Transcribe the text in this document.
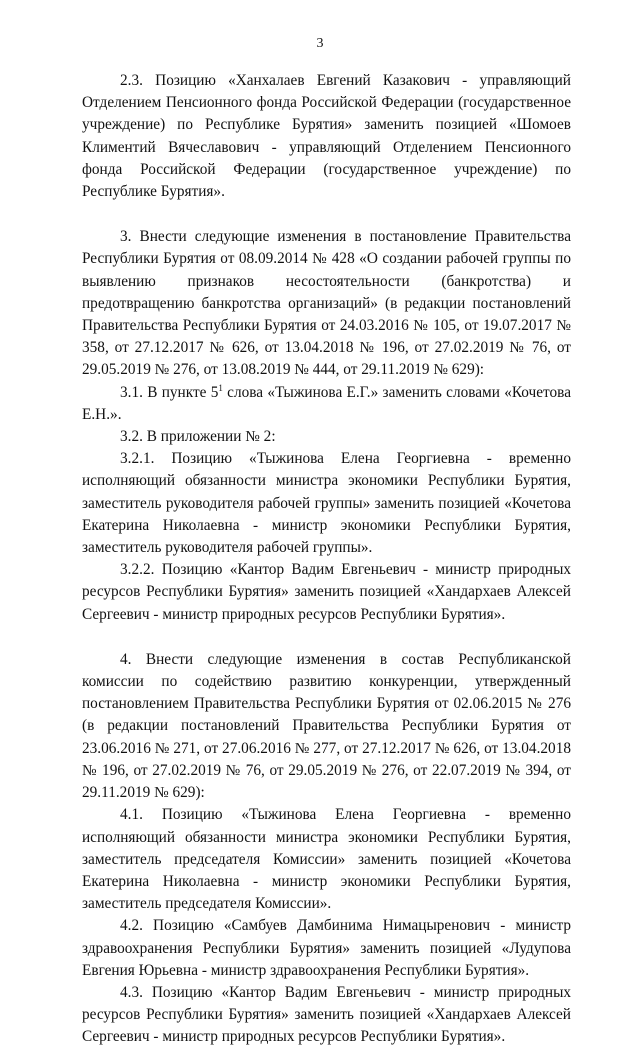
3

2.3. Позицию «Ханхалаев Евгений Казакович - управляющий Отделением Пенсионного фонда Российской Федерации (государственное учреждение) по Республике Бурятия» заменить позицией «Шомоев Климентий Вячеславович - управляющий Отделением Пенсионного фонда Российской Федерации (государственное учреждение) по Республике Бурятия».

3. Внести следующие изменения в постановление Правительства Республики Бурятия от 08.09.2014 № 428 «О создании рабочей группы по выявлению признаков несостоятельности (банкротства) и предотвращению банкротства организаций» (в редакции постановлений Правительства Республики Бурятия от 24.03.2016 № 105, от 19.07.2017 № 358, от 27.12.2017 № 626, от 13.04.2018 № 196, от 27.02.2019 № 76, от 29.05.2019 № 276, от 13.08.2019 № 444, от 29.11.2019 № 629):

3.1. В пункте $5^1$ слова «Тыжинова Е.Г.» заменить словами «Кочетова Е.Н.».

3.2. В приложении № 2:

3.2.1. Позицию «Тыжинова Елена Георгиевна - временно исполняющий обязанности министра экономики Республики Бурятия, заместитель руководителя рабочей группы» заменить позицией «Кочетова Екатерина Николаевна - министр экономики Республики Бурятия, заместитель руководителя рабочей группы».

3.2.2. Позицию «Кантор Вадим Евгеньевич - министр природных ресурсов Республики Бурятия» заменить позицией «Хандархаев Алексей Сергеевич - министр природных ресурсов Республики Бурятия».

4. Внести следующие изменения в состав Республиканской комиссии по содействию развитию конкуренции, утвержденный постановлением Правительства Республики Бурятия от 02.06.2015 № 276 (в редакции постановлений Правительства Республики Бурятия от 23.06.2016 № 271, от 27.06.2016 № 277, от 27.12.2017 № 626, от 13.04.2018 № 196, от 27.02.2019 № 76, от 29.05.2019 № 276, от 22.07.2019 № 394, от 29.11.2019 № 629):

4.1. Позицию «Тыжинова Елена Георгиевна - временно исполняющий обязанности министра экономики Республики Бурятия, заместитель председателя Комиссии» заменить позицией «Кочетова Екатерина Николаевна - министр экономики Республики Бурятия, заместитель председателя Комиссии».

4.2. Позицию «Самбуев Дамбинима Нимацыренович - министр здравоохранения Республики Бурятия» заменить позицией «Лудупова Евгения Юрьевна - министр здравоохранения Республики Бурятия».

4.3. Позицию «Кантор Вадим Евгеньевич - министр природных ресурсов Республики Бурятия» заменить позицией «Хандархаев Алексей Сергеевич - министр природных ресурсов Республики Бурятия».
